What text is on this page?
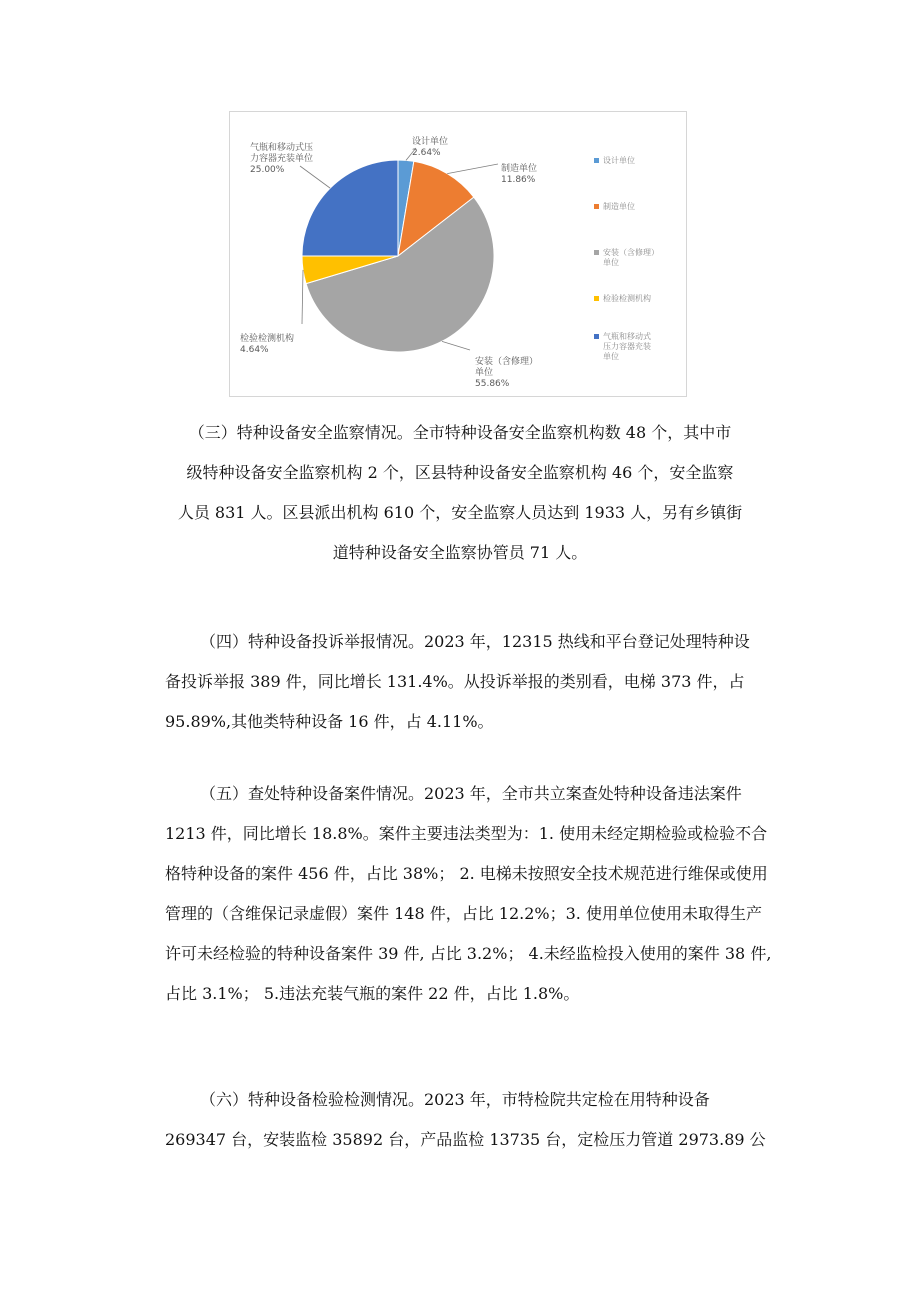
设计单位
2.64%

制造单位
11.86%

安装（含修理）
单位
55.86%

检验检测机构
4.64%

气瓶和移动式压
力容器充装单位
25.00%

设计单位
制造单位
安装（含修理）
单位
检验检测机构
气瓶和移动式
压力容器充装
单位
（三）特种设备安全监察情况。全市特种设备安全监察机构数 48 个，其中市
级特种设备安全监察机构 2 个，区县特种设备安全监察机构 46 个，安全监察
人员 831 人。区县派出机构 610 个，安全监察人员达到 1933 人，另有乡镇街
道特种设备安全监察协管员 71 人。
（四）特种设备投诉举报情况。2023 年，12315 热线和平台登记处理特种设
备投诉举报 389 件，同比增长 131.4%。从投诉举报的类别看，电梯 373 件，占
95.89%,其他类特种设备 16 件，占 4.11%。
（五）查处特种设备案件情况。2023 年，全市共立案查处特种设备违法案件
1213 件，同比增长 18.8%。案件主要违法类型为：1. 使用未经定期检验或检验不合
格特种设备的案件 456 件，占比 38%； 2. 电梯未按照安全技术规范进行维保或使用
管理的（含维保记录虚假）案件 148 件，占比 12.2%；3. 使用单位使用未取得生产
许可未经检验的特种设备案件 39 件, 占比 3.2%； 4.未经监检投入使用的案件 38 件,
占比 3.1%； 5.违法充装气瓶的案件 22 件，占比 1.8%。
（六）特种设备检验检测情况。2023 年，市特检院共定检在用特种设备
269347 台，安装监检 35892 台，产品监检 13735 台，定检压力管道 2973.89 公
